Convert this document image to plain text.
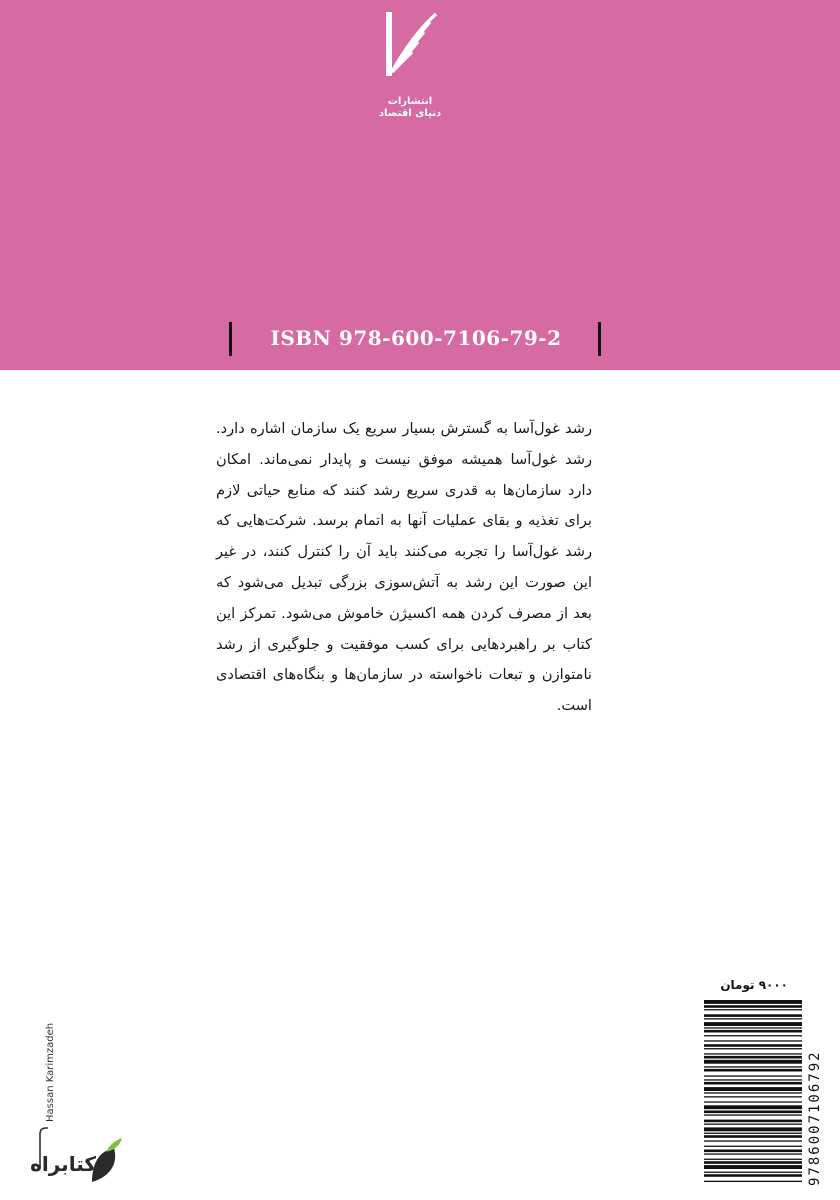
انتشارات
دنیای اقتصاد
ISBN 978-600-7106-79-2
رشد غول‌آسا به گسترش بسیار سریع یک سازمان اشاره دارد. رشد غول‌آسا همیشه موفق نیست و پایدار نمی‌ماند. امکان دارد سازمان‌ها به قدری سریع رشد کنند که منابع حیاتی لازم برای تغذیه و بقای عملیات آنها به اتمام برسد. شرکت‌هایی که رشد غول‌آسا را تجربه می‌کنند باید آن را کنترل کنند، در غیر این صورت این رشد به آتش‌سوزی بزرگی تبدیل می‌شود که بعد از مصرف کردن همه اکسیژن خاموش می‌شود. تمرکز این کتاب بر راهبردهایی برای کسب موفقیت و جلوگیری از رشد نامتوازن و تبعات ناخواسته در سازمان‌ها و بنگاه‌های اقتصادی است.
۹۰۰۰ تومان
9786007106792
Hassan Karimzadeh
کتابراه
